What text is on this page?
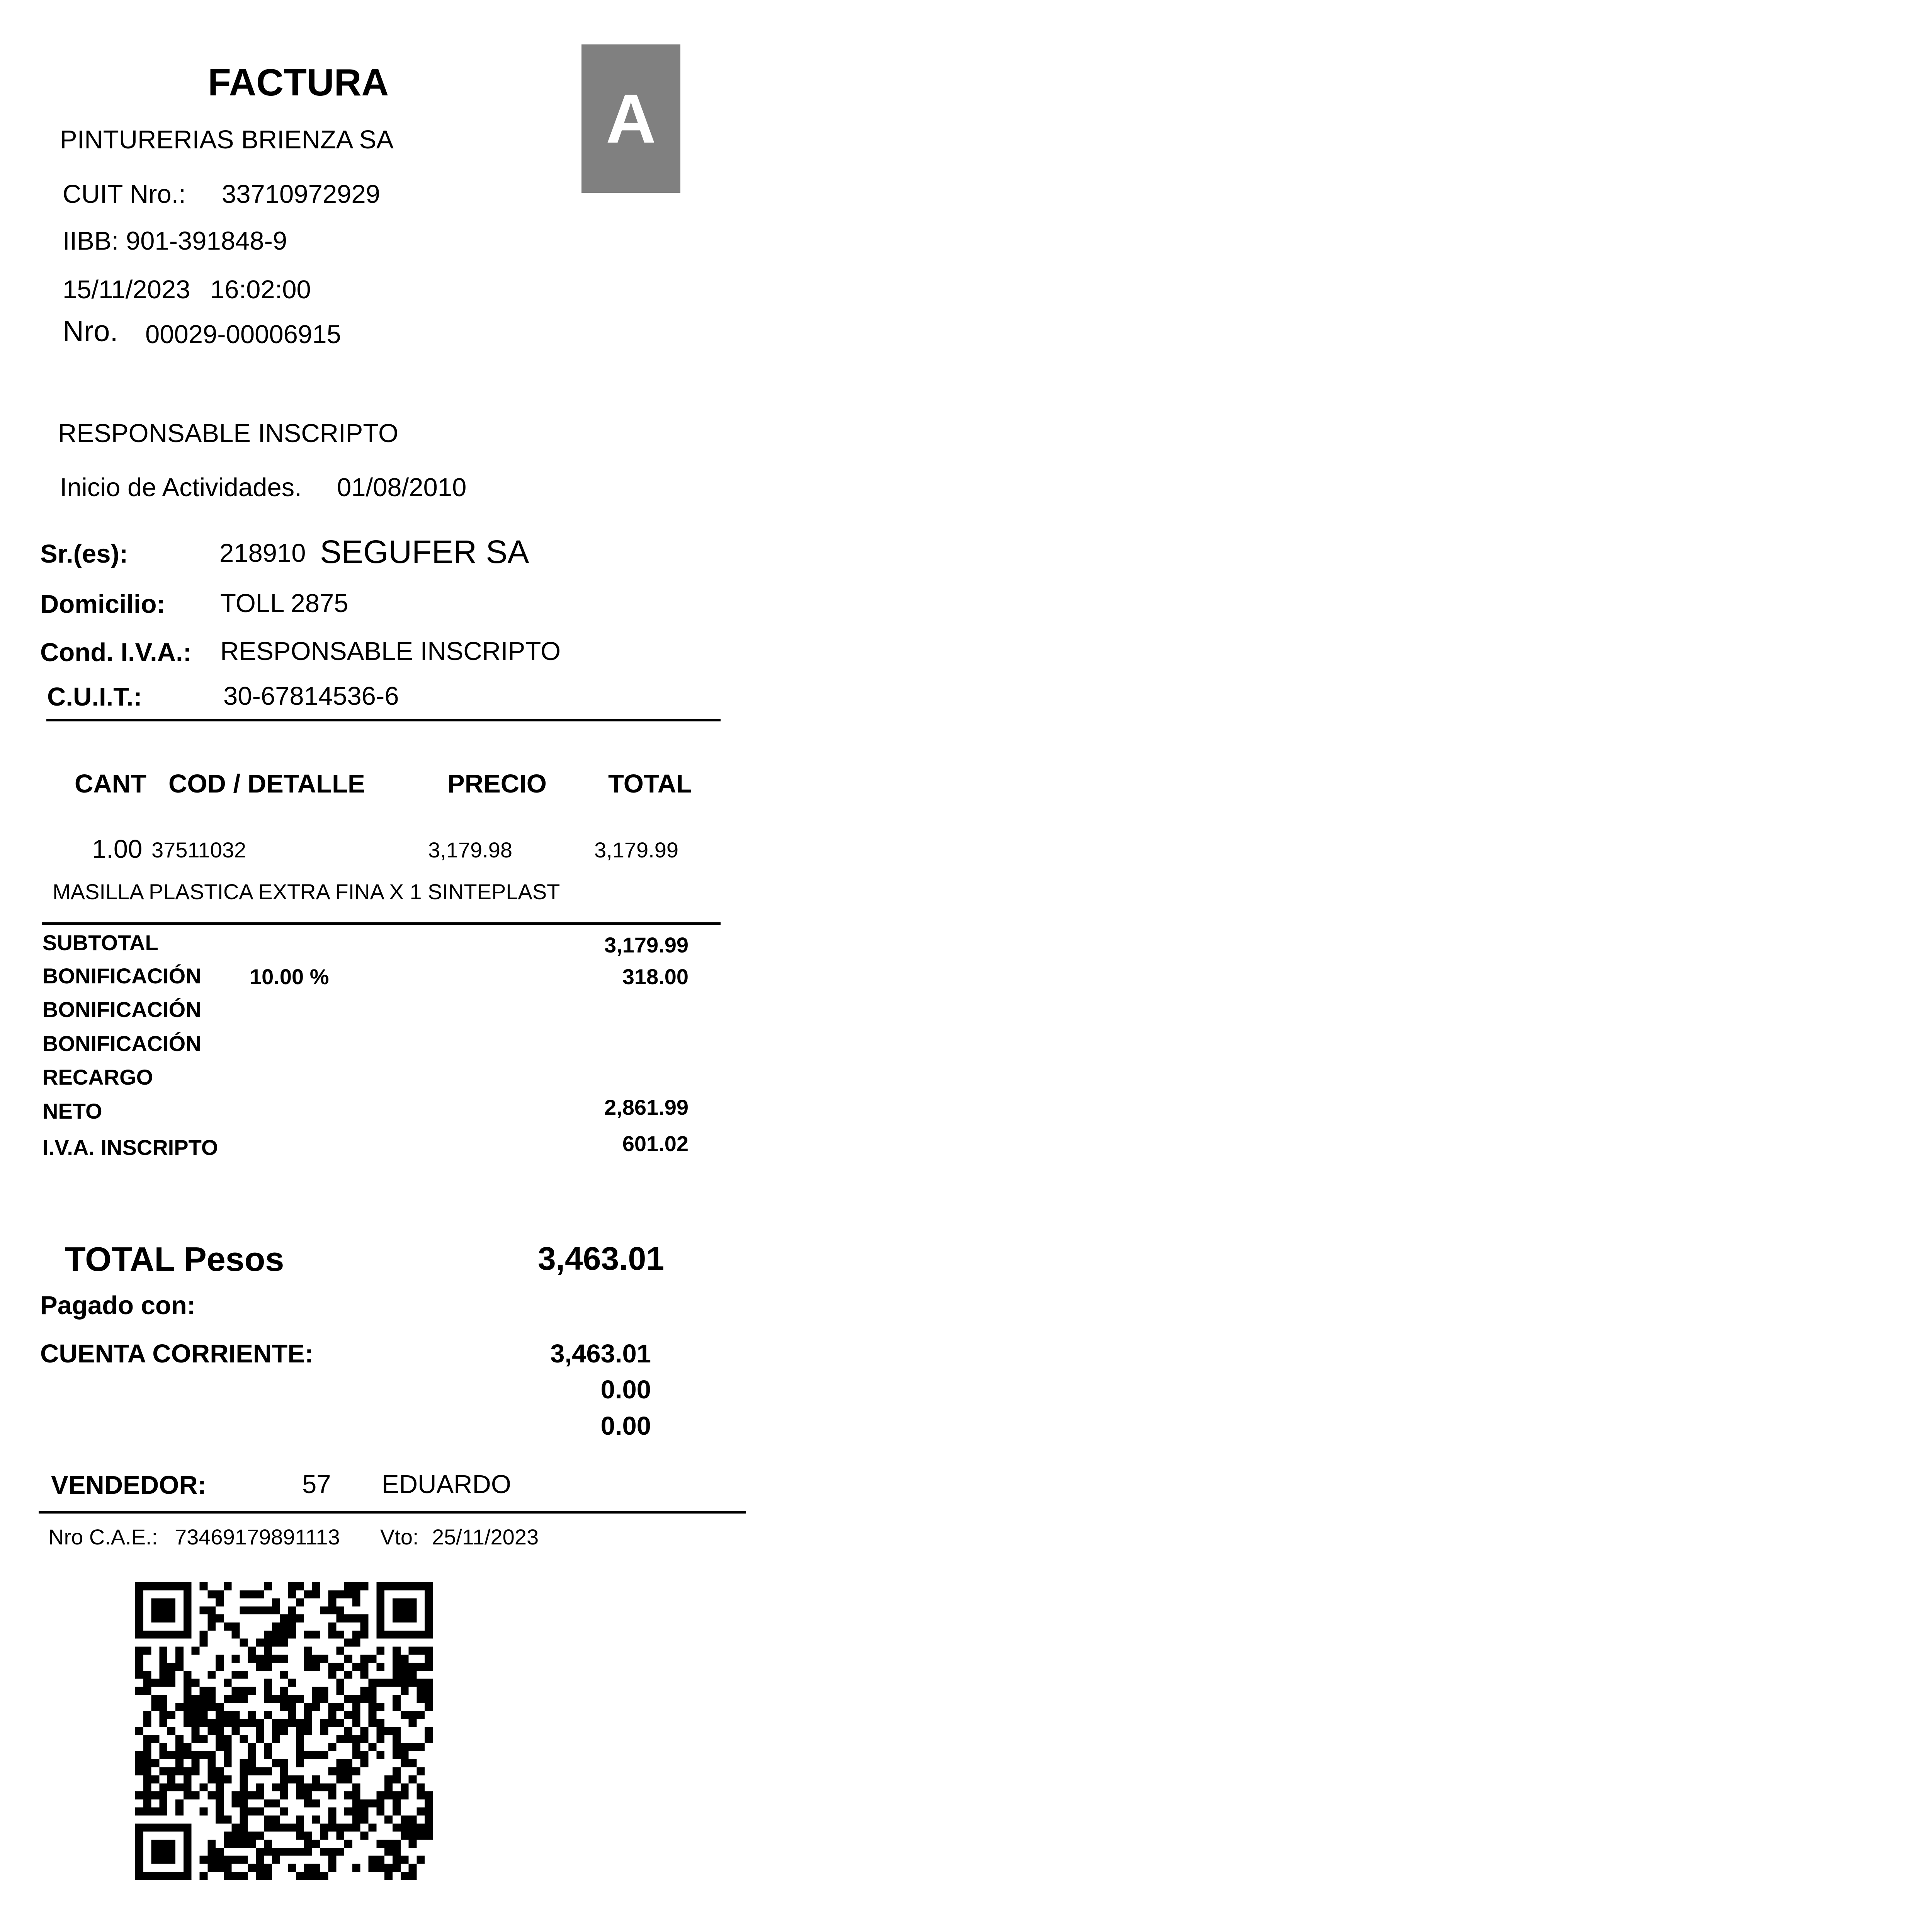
FACTURA	A
PINTURERIAS BRIENZA SA
CUIT Nro.: 33710972929
IIBB: 901-391848-9
15/11/2023 16:02:00
Nro. 00029-00006915
RESPONSABLE INSCRIPTO
Inicio de Actividades. 01/08/2010
Sr.(es):	218910 SEGUFER SA
Domicilio: TOLL 2875
Cond. I.V.A.: RESPONSABLE INSCRIPTO
C.U.I.T.:	30-67814536-6
CANT COD / DETALLE	PRECIO TOTAL
1.00 37511032	3,179.98	3,179.99
MASILLA PLASTICA EXTRA FINA X 1 SINTEPLAST
SUBTOTAL	3,179.99
BONIFICACIÓN 10.00 %	318.00
BONIFICACIÓN
BONIFICACIÓN
RECARGO
NETO	2,861.99
I.V.A. INSCRIPTO	601.02
TOTAL Pesos	3,463.01
Pagado con:
CUENTA CORRIENTE:	3,463.01
0.00
0.00
VENDEDOR:	57 EDUARDO
Nro C.A.E.: 73469179891113 Vto: 25/11/2023
